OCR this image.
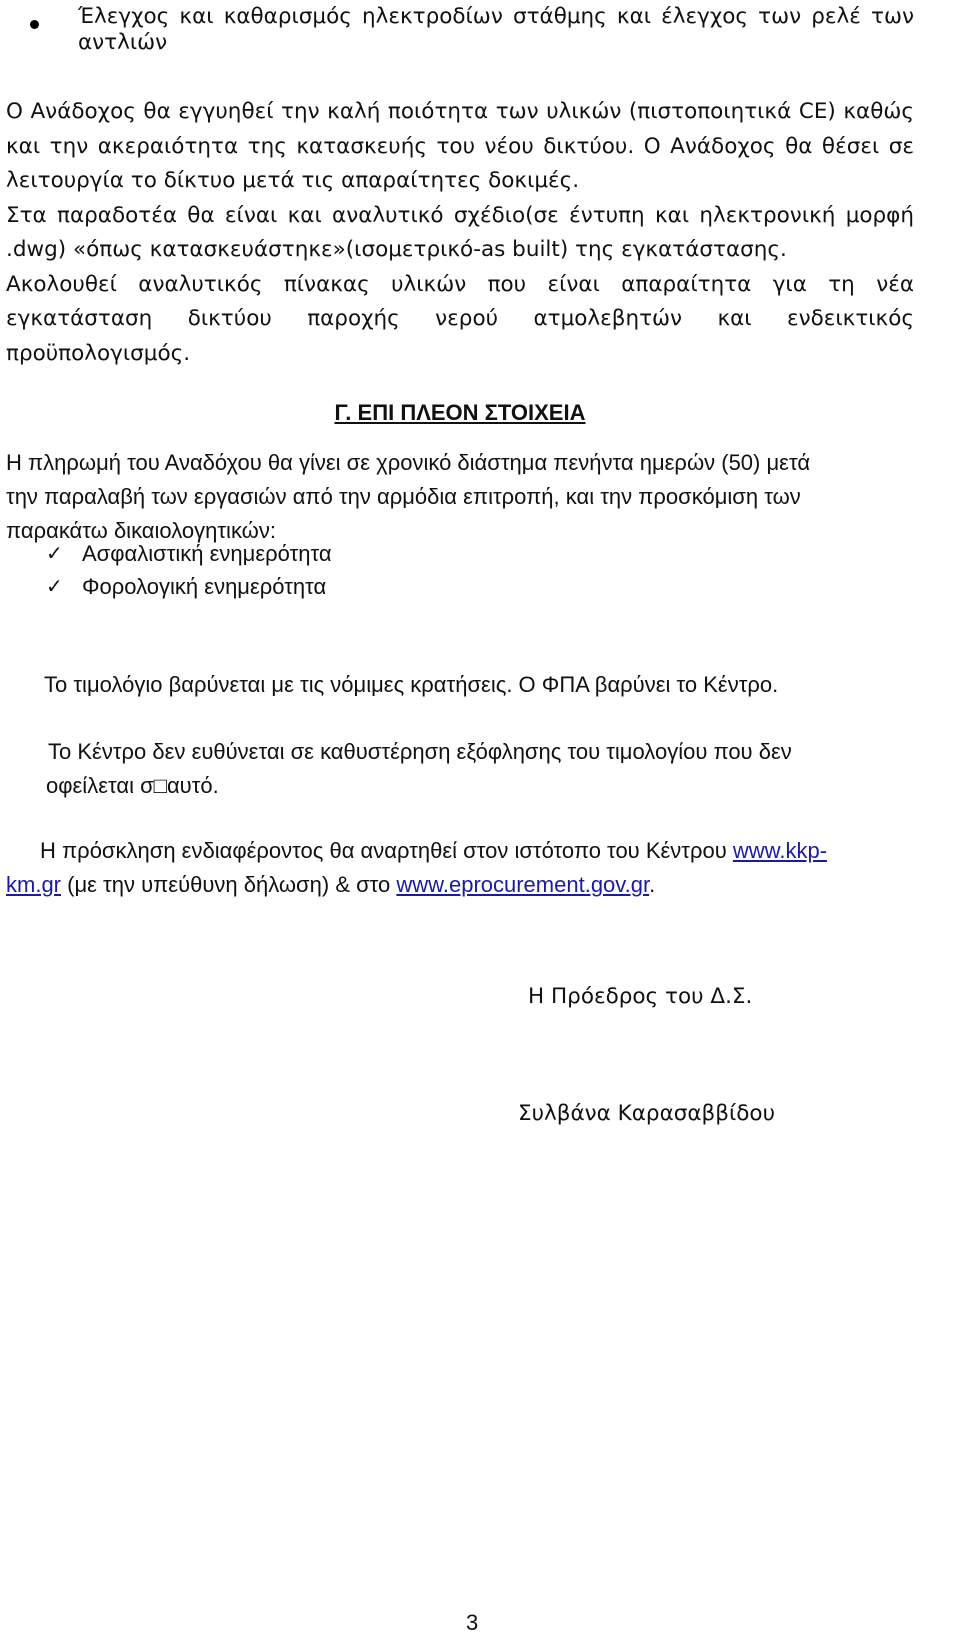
Έλεγχος και καθαρισμός ηλεκτροδίων στάθμης και έλεγχος των ρελέ των
αντλιών
Ο Ανάδοχος θα εγγυηθεί την καλή ποιότητα των υλικών (πιστοποιητικά CE) καθώς
και την ακεραιότητα της κατασκευής του νέου δικτύου. Ο Ανάδοχος θα θέσει σε
λειτουργία το δίκτυο μετά τις απαραίτητες δοκιμές.
Στα παραδοτέα θα είναι και αναλυτικό σχέδιο(σε έντυπη και ηλεκτρονική μορφή
.dwg) «όπως κατασκευάστηκε»(ισομετρικό-as built) της εγκατάστασης.
Ακολουθεί αναλυτικός πίνακας υλικών που είναι απαραίτητα για τη νέα
εγκατάσταση δικτύου παροχής νερού ατμολεβητών και ενδεικτικός
προϋπολογισμός.
Γ. ΕΠΙ ΠΛΕΟΝ ΣΤΟΙΧΕΙΑ
Η πληρωμή του Αναδόχου θα γίνει σε χρονικό διάστημα πενήντα ημερών (50) μετά
την παραλαβή των εργασιών από την αρμόδια επιτροπή, και την προσκόμιση των
παρακάτω δικαιολογητικών:
✓ Ασφαλιστική ενημερότητα
✓ Φορολογική ενημερότητα
Το τιμολόγιο βαρύνεται με τις νόμιμες κρατήσεις. Ο ΦΠΑ βαρύνει το Κέντρο.
Το Κέντρο δεν ευθύνεται σε καθυστέρηση εξόφλησης του τιμολογίου που δεν
οφείλεται σ□αυτό.
Η πρόσκληση ενδιαφέροντος θα αναρτηθεί στον ιστότοπο του Κέντρου www.kkp-
km.gr (με την υπεύθυνη δήλωση) & στο www.eprocurement.gov.gr.
Η Πρόεδρος του Δ.Σ.
Συλβάνα Καρασαββίδου
3
